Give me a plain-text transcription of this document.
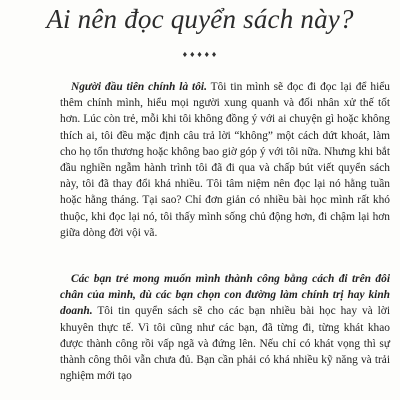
Ai nên đọc quyển sách này?
♦♦♦♦♦
Người đầu tiên chính là tôi. Tôi tin mình sẽ đọc đi đọc lại để hiểu thêm chính mình, hiểu mọi người xung quanh và đối nhân xử thế tốt hơn. Lúc còn trẻ, mỗi khi tôi không đồng ý với ai chuyện gì hoặc không thích ai, tôi đều mặc định câu trả lời “không” một cách dứt khoát, làm cho họ tổn thương hoặc không bao giờ góp ý với tôi nữa. Nhưng khi bắt đầu nghiền ngẫm hành trình tôi đã đi qua và chấp bút viết quyển sách này, tôi đã thay đổi khá nhiều. Tôi tâm niệm nên đọc lại nó hằng tuần hoặc hằng tháng. Tại sao? Chỉ đơn giản có nhiều bài học mình rất khó thuộc, khi đọc lại nó, tôi thấy mình sống chủ động hơn, đi chậm lại hơn giữa dòng đời vội vã.
Các bạn trẻ mong muốn mình thành công bằng cách đi trên đôi chân của mình, dù các bạn chọn con đường làm chính trị hay kinh doanh. Tôi tin quyển sách sẽ cho các bạn nhiều bài học hay và lời khuyên thực tế. Vì tôi cũng như các bạn, đã từng đi, từng khát khao được thành công rồi vấp ngã và đứng lên. Nếu chỉ có khát vọng thì sự thành công thôi vẫn chưa đủ. Bạn cần phải có khá nhiều kỹ năng và trải nghiệm mới tạo
